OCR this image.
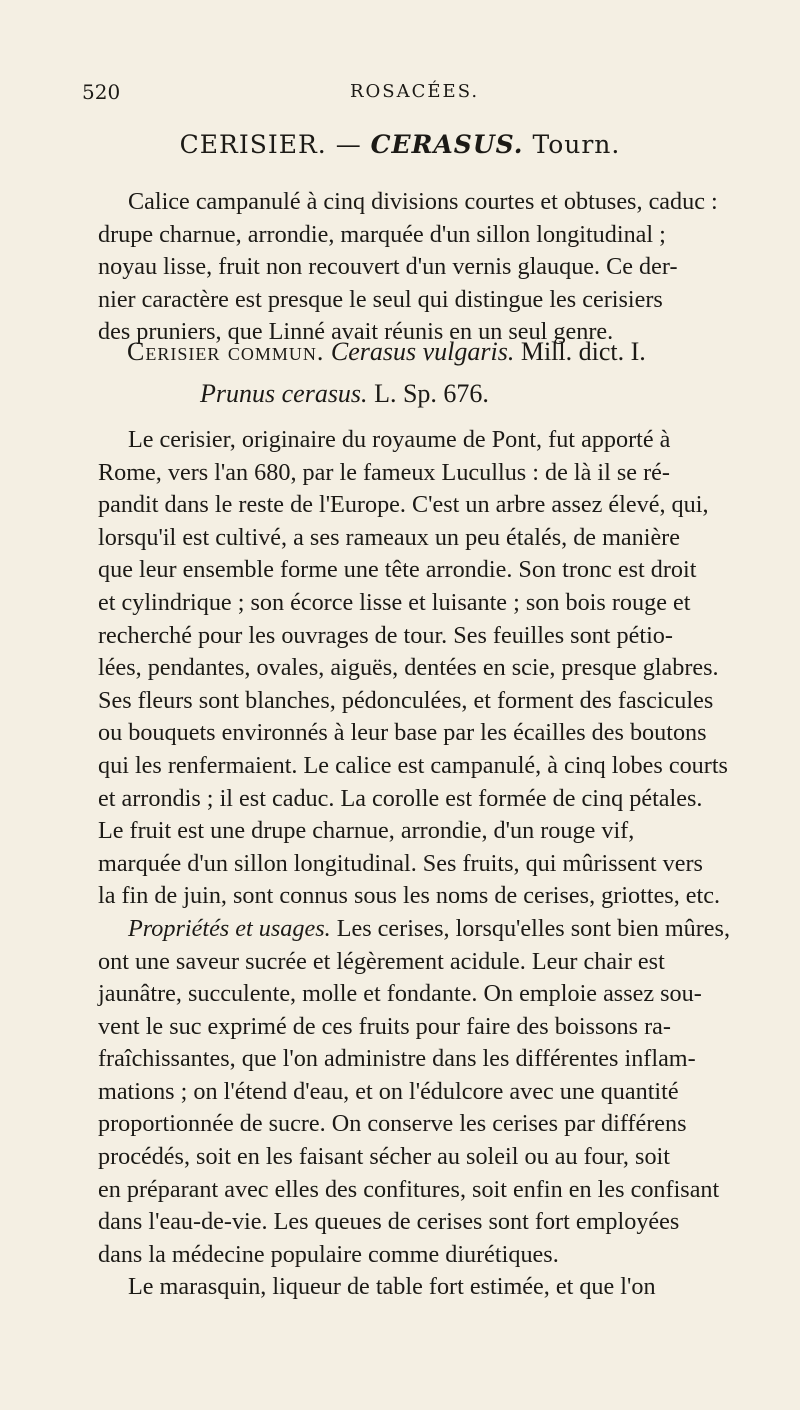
520	ROSACÉES.
CERISIER. — CERASUS. Tourn.
Calice campanulé à cinq divisions courtes et obtuses, caduc :
drupe charnue, arrondie, marquée d'un sillon longitudinal ;
noyau lisse, fruit non recouvert d'un vernis glauque. Ce der-
nier caractère est presque le seul qui distingue les cerisiers
des pruniers, que Linné avait réunis en un seul genre.
Cerisier commun. Cerasus vulgaris. Mill. dict. I.
Prunus cerasus. L. Sp. 676.
Le cerisier, originaire du royaume de Pont, fut apporté à
Rome, vers l'an 680, par le fameux Lucullus : de là il se ré-
pandit dans le reste de l'Europe. C'est un arbre assez élevé, qui,
lorsqu'il est cultivé, a ses rameaux un peu étalés, de manière
que leur ensemble forme une tête arrondie. Son tronc est droit
et cylindrique ; son écorce lisse et luisante ; son bois rouge et
recherché pour les ouvrages de tour. Ses feuilles sont pétio-
lées, pendantes, ovales, aiguës, dentées en scie, presque glabres.
Ses fleurs sont blanches, pédonculées, et forment des fascicules
ou bouquets environnés à leur base par les écailles des boutons
qui les renfermaient. Le calice est campanulé, à cinq lobes courts
et arrondis ; il est caduc. La corolle est formée de cinq pétales.
Le fruit est une drupe charnue, arrondie, d'un rouge vif,
marquée d'un sillon longitudinal. Ses fruits, qui mûrissent vers
la fin de juin, sont connus sous les noms de cerises, griottes, etc.
Propriétés et usages. Les cerises, lorsqu'elles sont bien mûres,
ont une saveur sucrée et légèrement acidule. Leur chair est
jaunâtre, succulente, molle et fondante. On emploie assez sou-
vent le suc exprimé de ces fruits pour faire des boissons ra-
fraîchissantes, que l'on administre dans les différentes inflam-
mations ; on l'étend d'eau, et on l'édulcore avec une quantité
proportionnée de sucre. On conserve les cerises par différens
procédés, soit en les faisant sécher au soleil ou au four, soit
en préparant avec elles des confitures, soit enfin en les confisant
dans l'eau-de-vie. Les queues de cerises sont fort employées
dans la médecine populaire comme diurétiques.
Le marasquin, liqueur de table fort estimée, et que l'on
